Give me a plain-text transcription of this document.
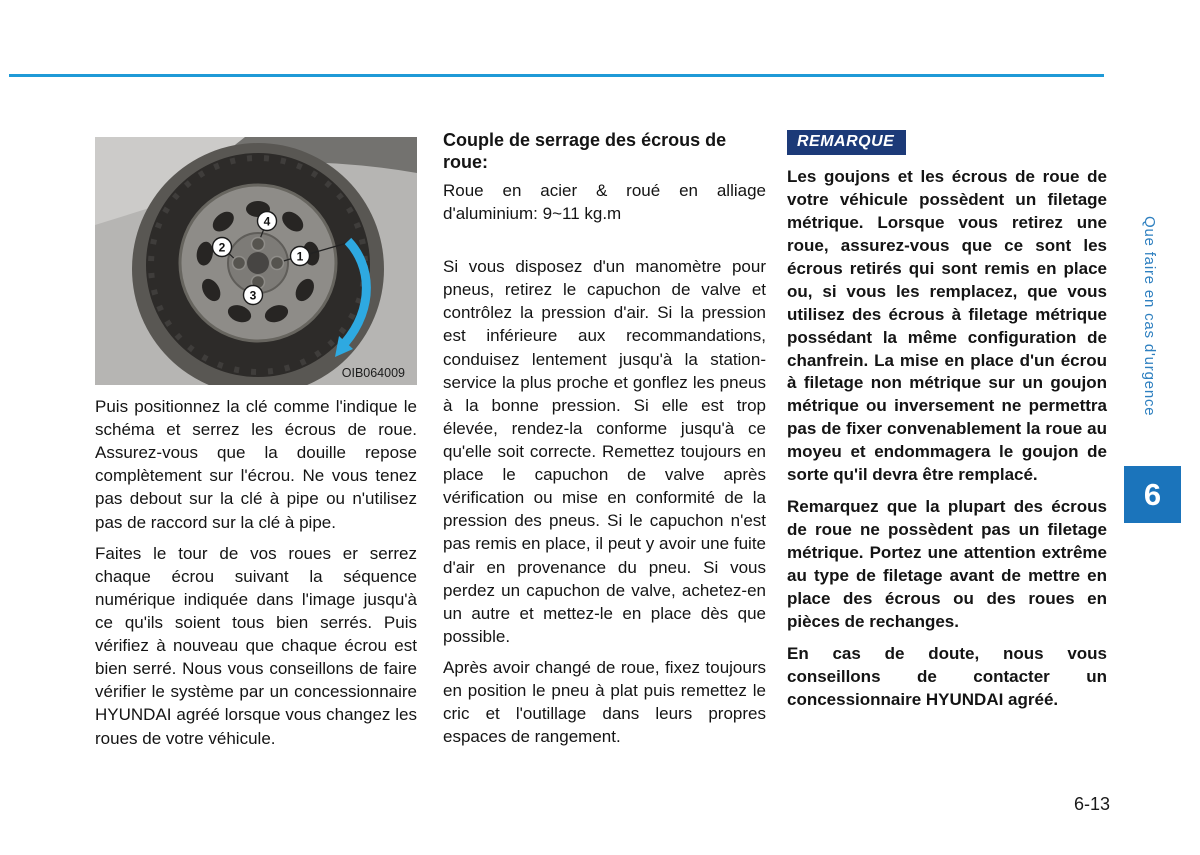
4
2
1
3
OIB064009

Puis positionnez la clé comme l'indique le schéma et serrez les écrous de roue. Assurez-vous que la douille repose complètement sur l'écrou. Ne vous tenez pas debout sur la clé à pipe ou n'utilisez pas de raccord sur la clé à pipe.

Faites le tour de vos roues er serrez chaque écrou suivant la séquence numérique indiquée dans l'image jusqu'à ce qu'ils soient tous bien serrés. Puis vérifiez à nouveau que chaque écrou est bien serré. Nous vous conseillons de faire vérifier le système par un concessionnaire HYUNDAI agréé lorsque vous changez les roues de votre véhicule.

Couple de serrage des écrous de roue:

Roue en acier & roué en alliage d'aluminium: 9~11 kg.m

Si vous disposez d'un manomètre pour pneus, retirez le capuchon de valve et contrôlez la pression d'air. Si la pression est inférieure aux recommandations, conduisez lentement jusqu'à la station-service la plus proche et gonflez les pneus à la bonne pression. Si elle est trop élevée, rendez-la conforme jusqu'à ce qu'elle soit correcte. Remettez toujours en place le capuchon de valve après vérification ou mise en conformité de la pression des pneus. Si le capuchon n'est pas remis en place, il peut y avoir une fuite d'air en provenance du pneu. Si vous perdez un capuchon de valve, achetez-en un autre et mettez-le en place dès que possible.

Après avoir changé de roue, fixez toujours en position le pneu à plat puis remettez le cric et l'outillage dans leurs propres espaces de rangement.

REMARQUE

Les goujons et les écrous de roue de votre véhicule possèdent un filetage métrique. Lorsque vous retirez une roue, assurez-vous que ce sont les écrous retirés qui sont remis en place ou, si vous les remplacez, que vous utilisez des écrous à filetage métrique possédant la même configuration de chanfrein. La mise en place d'un écrou à filetage non métrique sur un goujon métrique ou inversement ne permettra pas de fixer convenablement la roue au moyeu et endommagera le goujon de sorte qu'il devra être remplacé.

Remarquez que la plupart des écrous de roue ne possèdent pas un filetage métrique. Portez une attention extrême au type de filetage avant de mettre en place des écrous ou des roues en pièces de rechanges.

En cas de doute, nous vous conseillons de contacter un concessionnaire HYUNDAI agréé.

Que faire en cas d'urgence
6
6-13
